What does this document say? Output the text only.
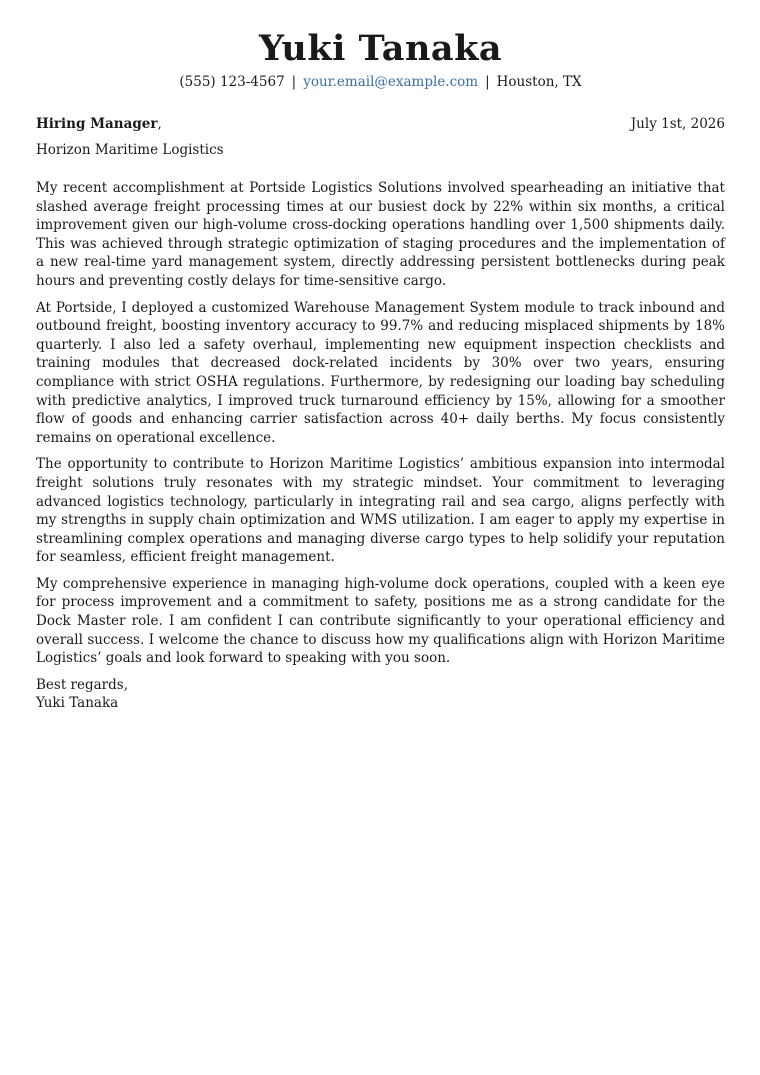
Yuki Tanaka
(555) 123-4567 | your.email@example.com | Houston, TX
Hiring Manager,	July 1st, 2026
Horizon Maritime Logistics

My recent accomplishment at Portside Logistics Solutions involved spearheading an initiative that slashed average freight processing times at our busiest dock by 22% within six months, a critical improvement given our high-volume cross-docking operations handling over 1,500 shipments daily. This was achieved through strategic optimization of staging procedures and the implementation of a new real-time yard management system, directly addressing persistent bottlenecks during peak hours and preventing costly delays for time-sensitive cargo.

At Portside, I deployed a customized Warehouse Management System module to track inbound and outbound freight, boosting inventory accuracy to 99.7% and reducing misplaced shipments by 18% quarterly. I also led a safety overhaul, implementing new equipment inspection checklists and training modules that decreased dock-related incidents by 30% over two years, ensuring compliance with strict OSHA regulations. Furthermore, by redesigning our loading bay scheduling with predictive analytics, I improved truck turnaround efficiency by 15%, allowing for a smoother flow of goods and enhancing carrier satisfaction across 40+ daily berths. My focus consistently remains on operational excellence.

The opportunity to contribute to Horizon Maritime Logistics’ ambitious expansion into intermodal freight solutions truly resonates with my strategic mindset. Your commitment to leveraging advanced logistics technology, particularly in integrating rail and sea cargo, aligns perfectly with my strengths in supply chain optimization and WMS utilization. I am eager to apply my expertise in streamlining complex operations and managing diverse cargo types to help solidify your reputation for seamless, efficient freight management.

My comprehensive experience in managing high-volume dock operations, coupled with a keen eye for process improvement and a commitment to safety, positions me as a strong candidate for the Dock Master role. I am confident I can contribute significantly to your operational efficiency and overall success. I welcome the chance to discuss how my qualifications align with Horizon Maritime Logistics’ goals and look forward to speaking with you soon.

Best regards,
Yuki Tanaka
